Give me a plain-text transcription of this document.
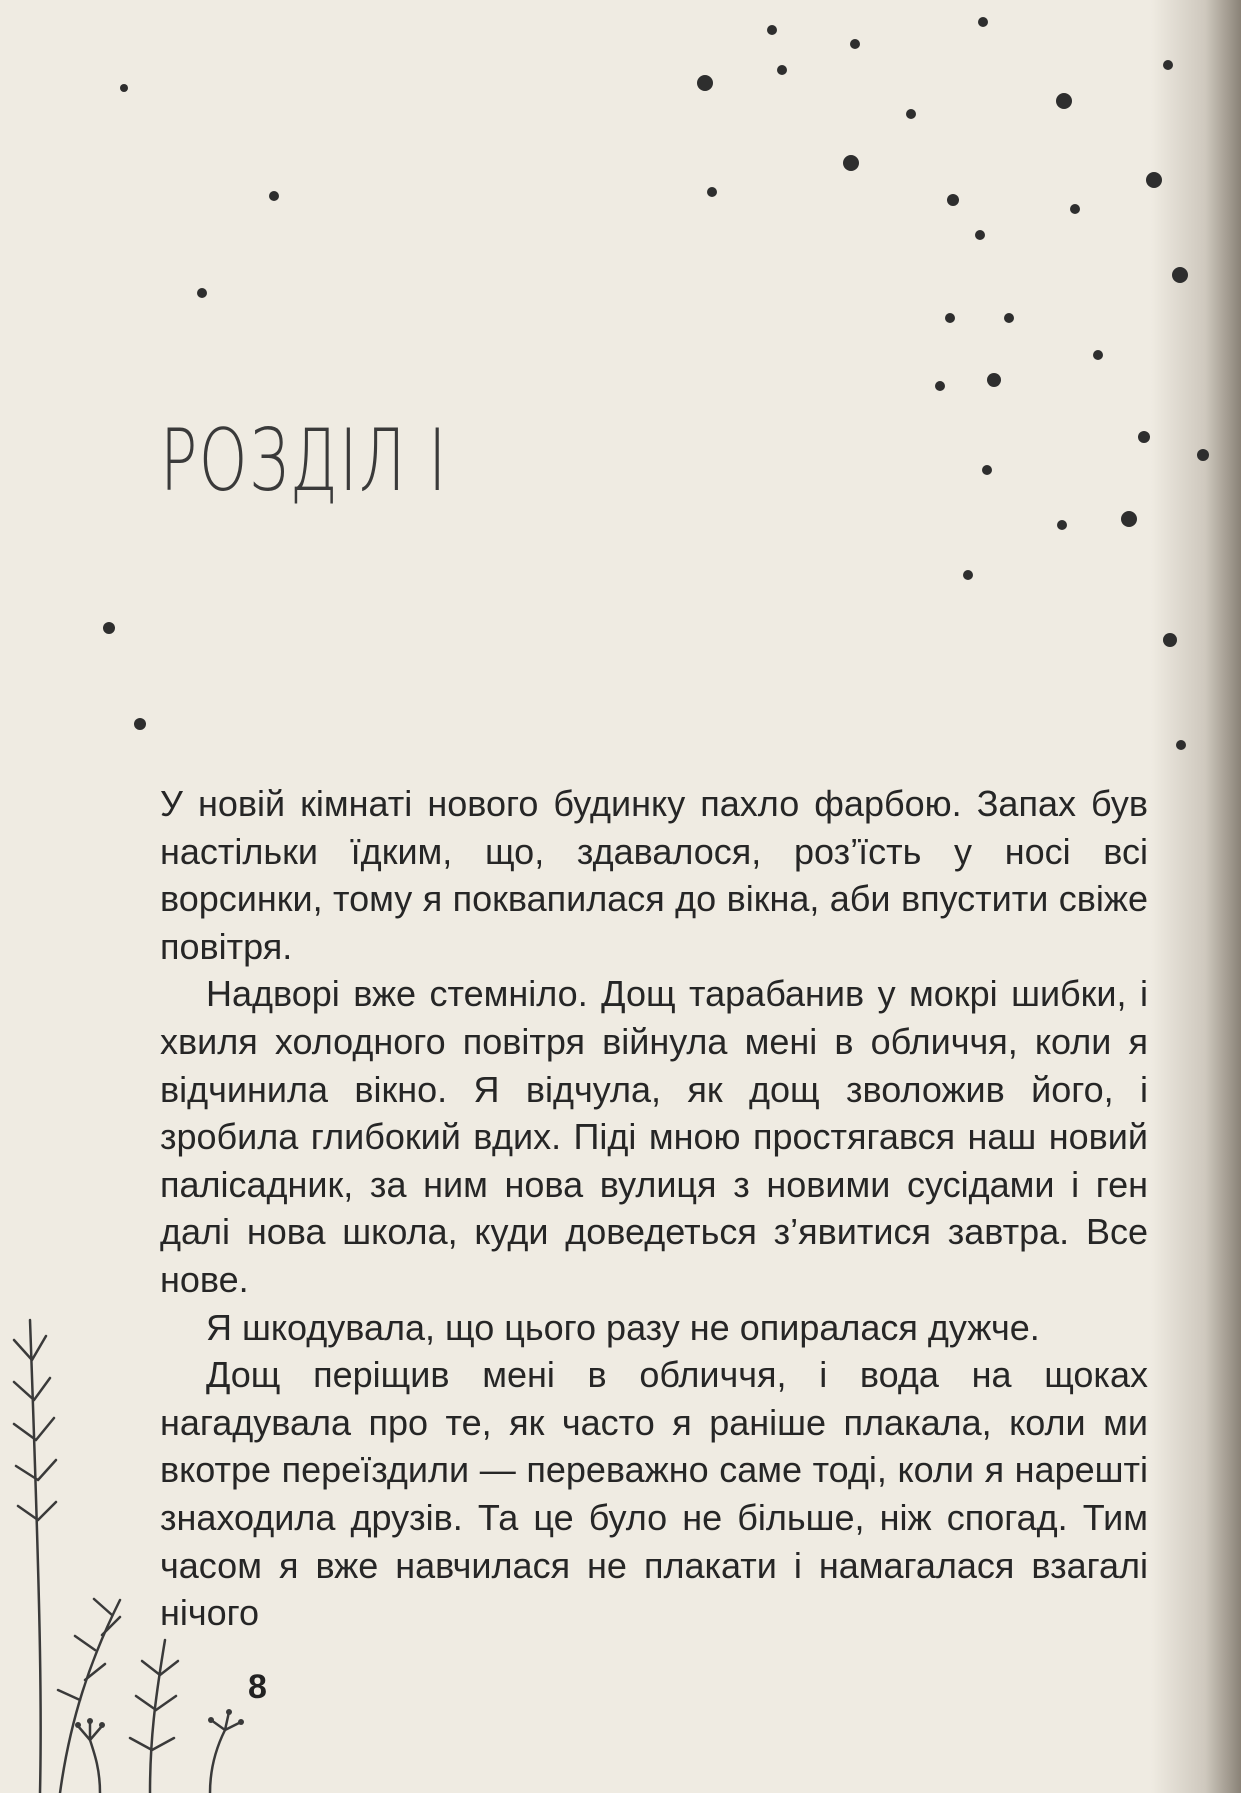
РОЗДІЛ І

У новій кімнаті нового будинку пахло фарбою. Запах був настільки їдким, що, здавалося, роз’їсть у носі всі ворсинки, тому я поквапилася до вікна, аби впустити свіже повітря.

Надворі вже стемніло. Дощ тарабанив у мокрі шибки, і хвиля холодного повітря війнула мені в обличчя, коли я відчинила вікно. Я відчула, як дощ зволожив його, і зробила глибокий вдих. Піді мною простягався наш новий палісадник, за ним нова вулиця з новими сусідами і ген далі нова школа, куди доведеться з’явитися завтра. Все нове.

Я шкодувала, що цього разу не опиралася дужче.

Дощ періщив мені в обличчя, і вода на щоках нагадувала про те, як часто я раніше плакала, коли ми вкотре переїздили — переважно саме тоді, коли я нарешті знаходила друзів. Та це було не більше, ніж спогад. Тим часом я вже навчилася не плакати і намагалася взагалі нічого

8
